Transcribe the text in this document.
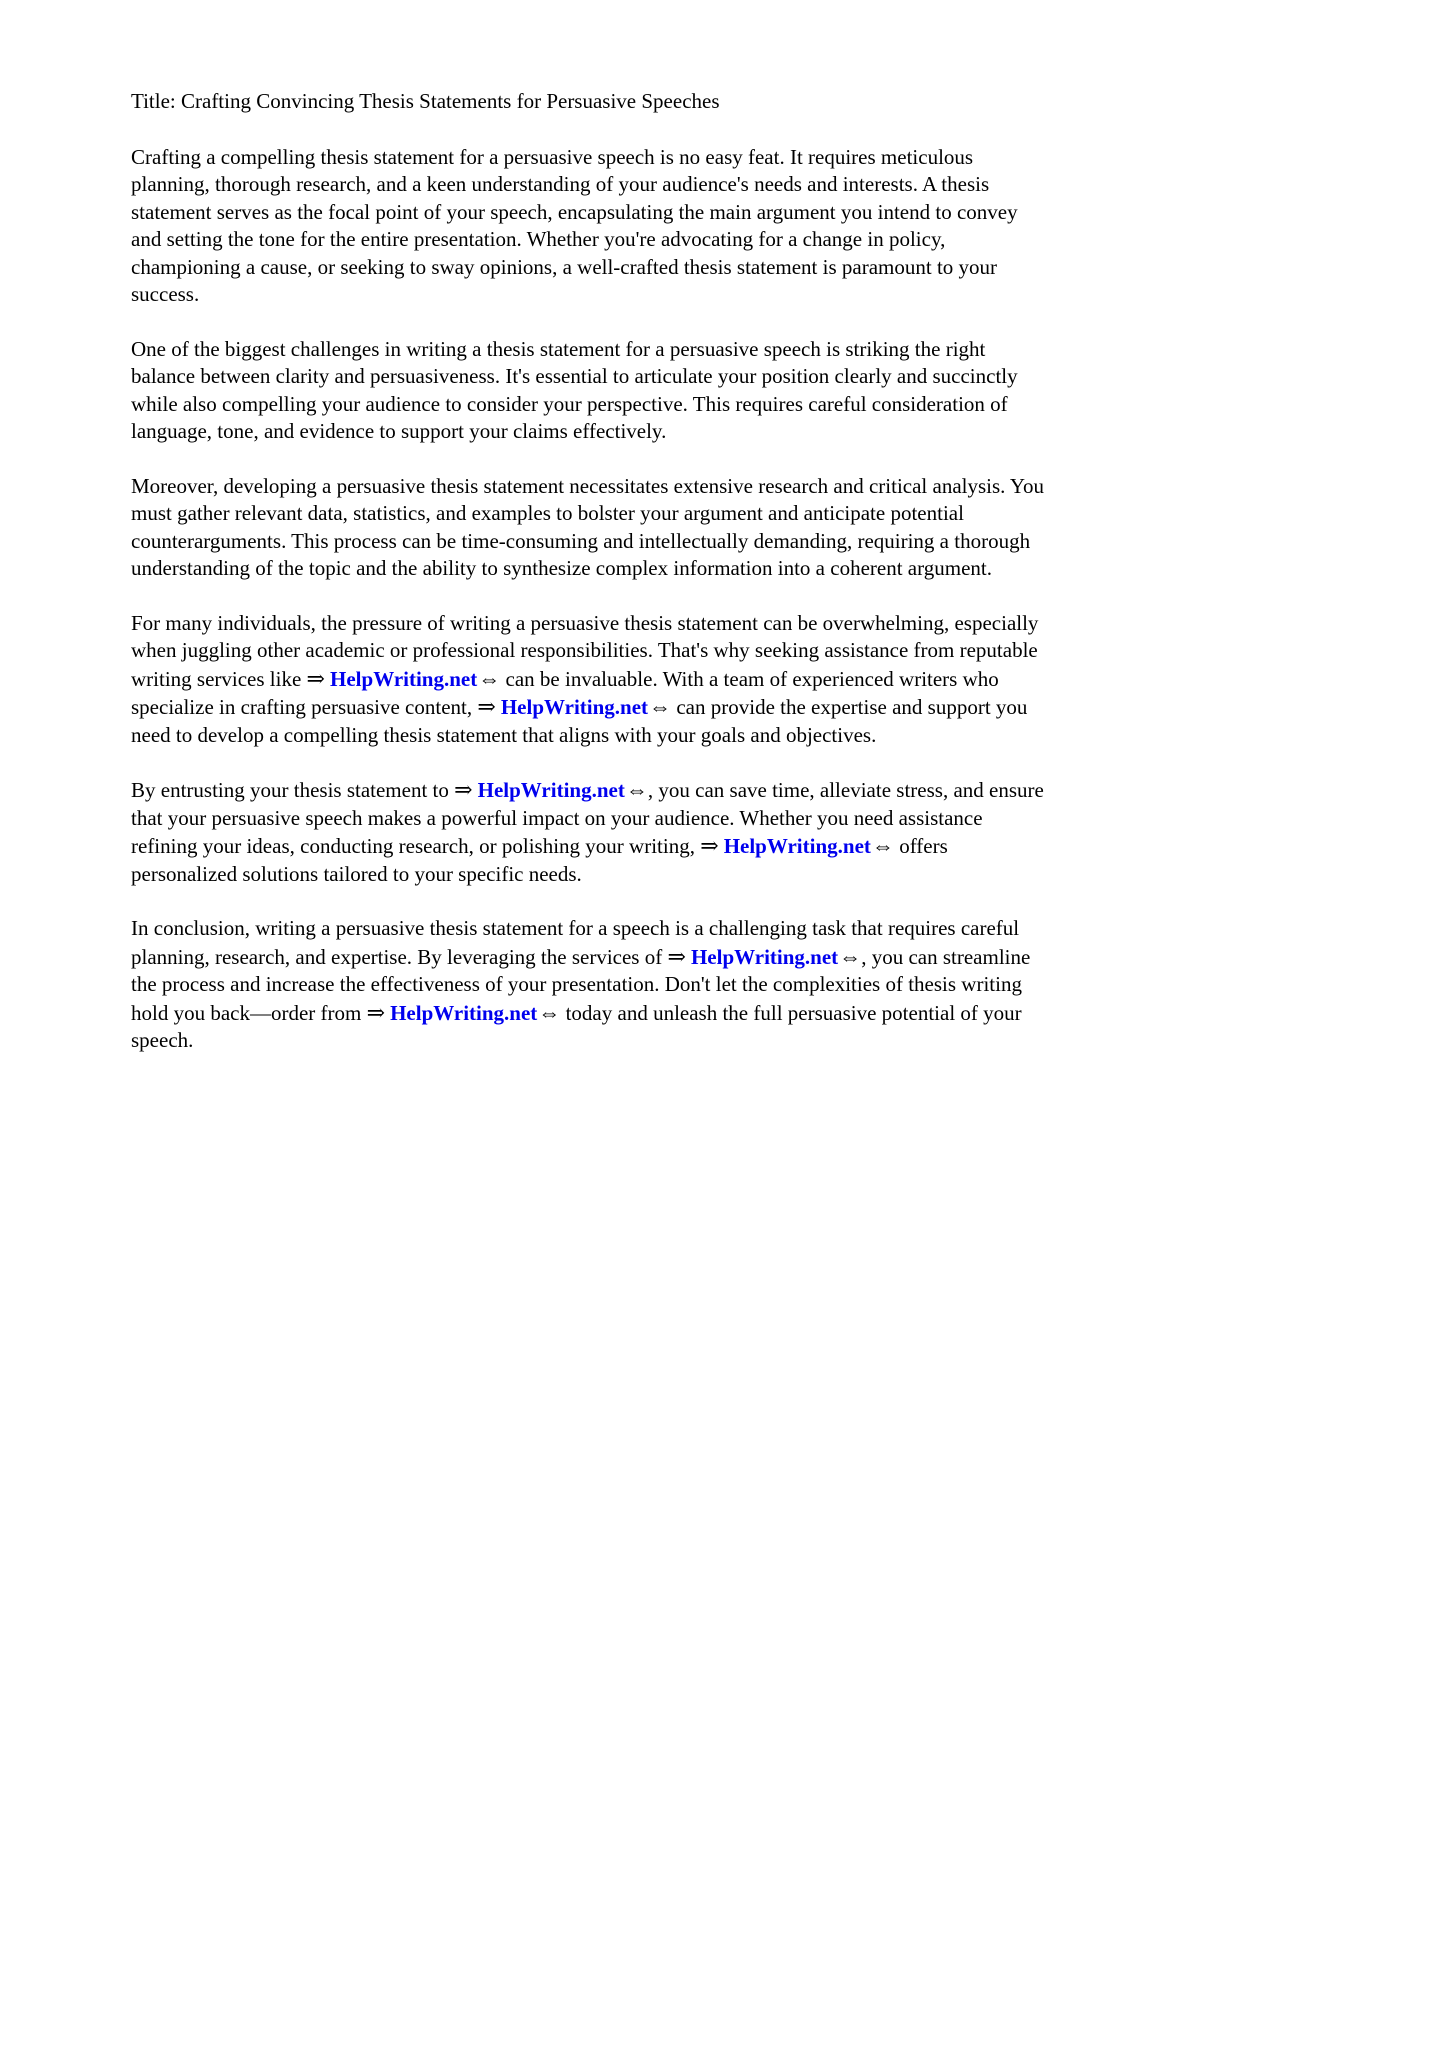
Title: Crafting Convincing Thesis Statements for Persuasive Speeches

Crafting a compelling thesis statement for a persuasive speech is no easy feat. It requires meticulous planning, thorough research, and a keen understanding of your audience's needs and interests. A thesis statement serves as the focal point of your speech, encapsulating the main argument you intend to convey and setting the tone for the entire presentation. Whether you're advocating for a change in policy, championing a cause, or seeking to sway opinions, a well-crafted thesis statement is paramount to your success.

One of the biggest challenges in writing a thesis statement for a persuasive speech is striking the right balance between clarity and persuasiveness. It's essential to articulate your position clearly and succinctly while also compelling your audience to consider your perspective. This requires careful consideration of language, tone, and evidence to support your claims effectively.

Moreover, developing a persuasive thesis statement necessitates extensive research and critical analysis. You must gather relevant data, statistics, and examples to bolster your argument and anticipate potential counterarguments. This process can be time-consuming and intellectually demanding, requiring a thorough understanding of the topic and the ability to synthesize complex information into a coherent argument.

For many individuals, the pressure of writing a persuasive thesis statement can be overwhelming, especially when juggling other academic or professional responsibilities. That's why seeking assistance from reputable writing services like ⇒ HelpWriting.net⇔ can be invaluable. With a team of experienced writers who specialize in crafting persuasive content, ⇒ HelpWriting.net⇔ can provide the expertise and support you need to develop a compelling thesis statement that aligns with your goals and objectives.

By entrusting your thesis statement to ⇒ HelpWriting.net⇔, you can save time, alleviate stress, and ensure that your persuasive speech makes a powerful impact on your audience. Whether you need assistance refining your ideas, conducting research, or polishing your writing, ⇒ HelpWriting.net⇔ offers personalized solutions tailored to your specific needs.

In conclusion, writing a persuasive thesis statement for a speech is a challenging task that requires careful planning, research, and expertise. By leveraging the services of ⇒ HelpWriting.net⇔, you can streamline the process and increase the effectiveness of your presentation. Don't let the complexities of thesis writing hold you back—order from ⇒ HelpWriting.net⇔ today and unleash the full persuasive potential of your speech.
